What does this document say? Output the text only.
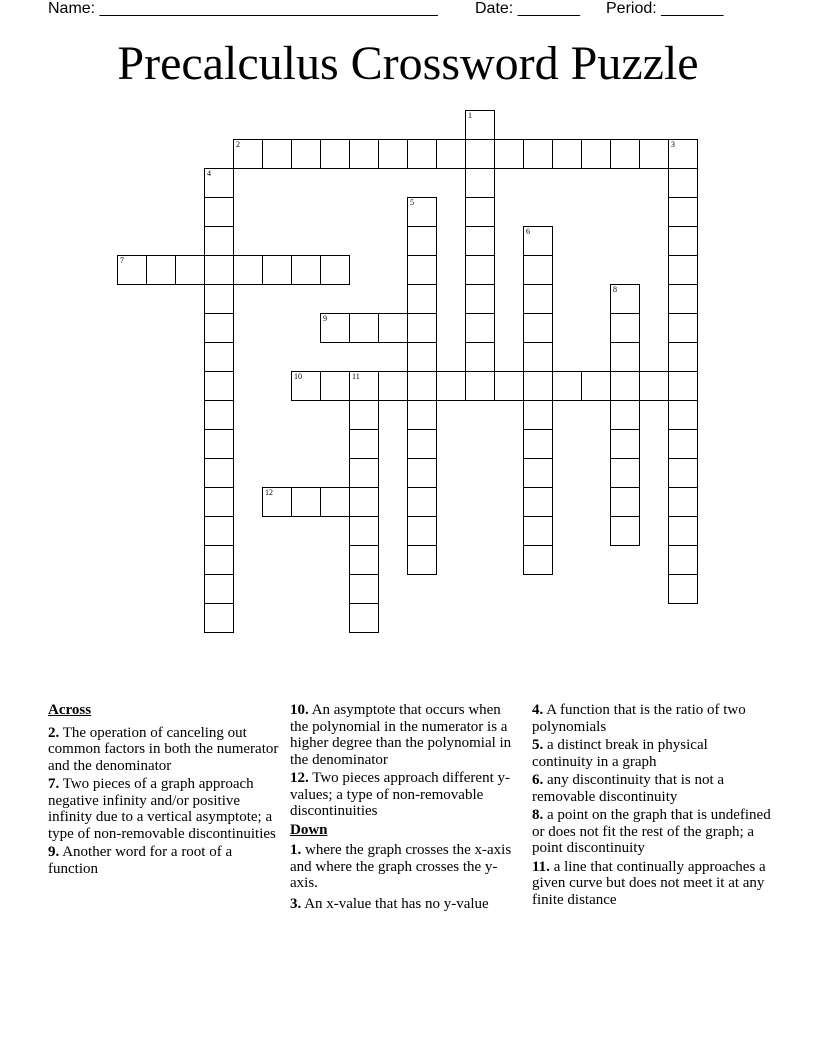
Name: ______________________________________

Date: _______

Period: _______

Precalculus Crossword Puzzle
1
2	3
4
5
6
7
8
9
10	11
12
Across
2. The operation of canceling out common factors in both the numerator and the denominator
7. Two pieces of a graph approach negative infinity and/or positive infinity due to a vertical asymptote; a type of non-removable discontinuities
9. Another word for a root of a function
10. An asymptote that occurs when the polynomial in the numerator is a higher degree than the polynomial in the denominator
12. Two pieces approach different y-values; a type of non-removable discontinuities
Down
1. where the graph crosses the x-axis and where the graph crosses the y-axis.
3. An x-value that has no y-value
4. A function that is the ratio of two polynomials
5. a distinct break in physical continuity in a graph
6. any discontinuity that is not a removable discontinuity
8. a point on the graph that is undefined or does not fit the rest of the graph; a point discontinuity
11. a line that continually approaches a given curve but does not meet it at any finite distance
